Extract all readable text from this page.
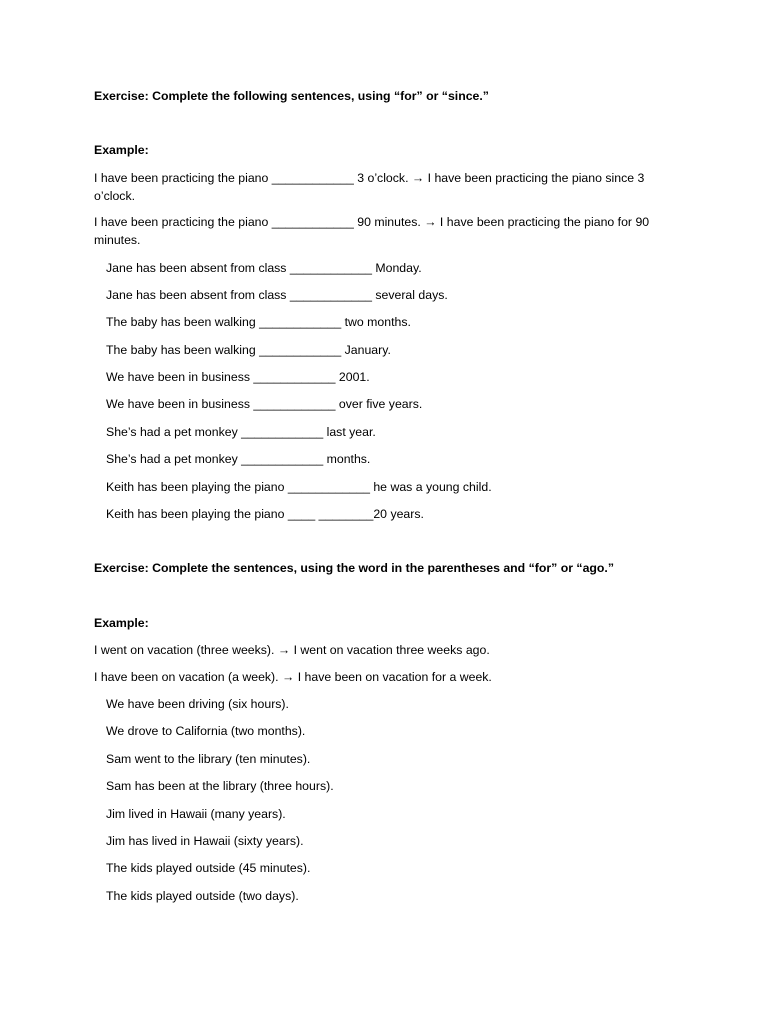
Exercise: Complete the following sentences, using “for” or “since.”
Example:
I have been practicing the piano ____________ 3 o’clock. → I have been practicing the piano since 3 o’clock.
I have been practicing the piano ____________ 90 minutes. → I have been practicing the piano for 90 minutes.
Jane has been absent from class ____________ Monday.
Jane has been absent from class ____________ several days.
The baby has been walking ____________ two months.
The baby has been walking ____________ January.
We have been in business ____________ 2001.
We have been in business ____________ over five years.
She’s had a pet monkey ____________ last year.
She’s had a pet monkey ____________ months.
Keith has been playing the piano ____________ he was a young child.
Keith has been playing the piano ____ ________20 years.
Exercise: Complete the sentences, using the word in the parentheses and “for” or “ago.”
Example:
I went on vacation (three weeks). → I went on vacation three weeks ago.
I have been on vacation (a week). → I have been on vacation for a week.
We have been driving (six hours).
We drove to California (two months).
Sam went to the library (ten minutes).
Sam has been at the library (three hours).
Jim lived in Hawaii (many years).
Jim has lived in Hawaii (sixty years).
The kids played outside (45 minutes).
The kids played outside (two days).
